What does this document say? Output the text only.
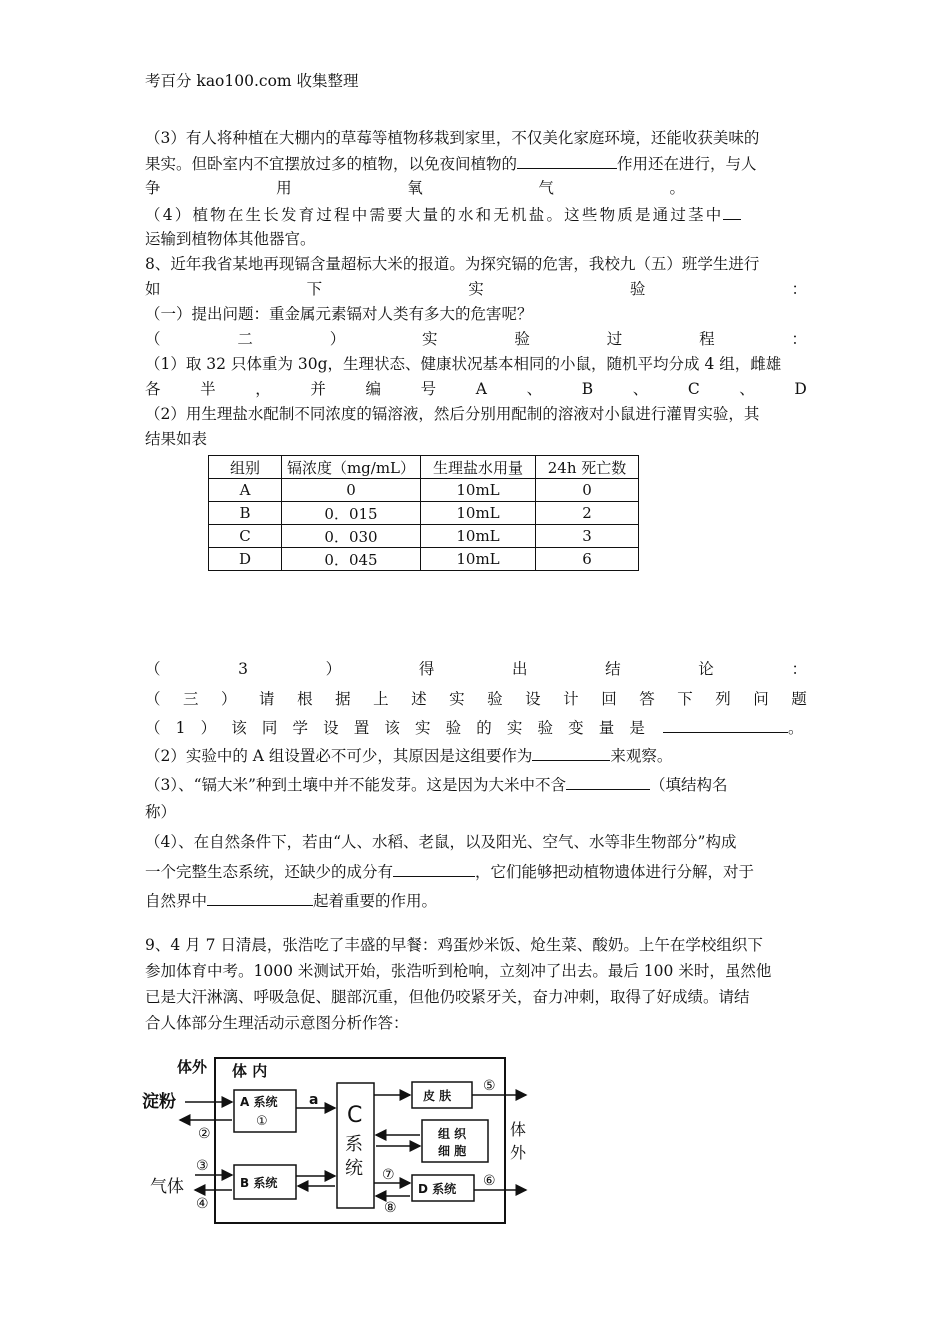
考百分 kao100.com 收集整理
（3）有人将种植在大棚内的草莓等植物移栽到家里，不仅美化家庭环境，还能收获美味的
果实。但卧室内不宜摆放过多的植物，以免夜间植物的	作用还在进行，与人
争	用	氧	气	。
（4）植物在生长发育过程中需要大量的水和无机盐。这些物质是通过茎中
运输到植物体其他器官。
8、近年我省某地再现镉含量超标大米的报道。为探究镉的危害，我校九（五）班学生进行
如	下	实	验	：
（一）提出问题：重金属元素镉对人类有多大的危害呢？
（	二	）	实	验	过	程	：
（1）取 32 只体重为 30g，生理状态、健康状况基本相同的小鼠，随机平均分成 4 组，雌雄
各	半	，	并	编	号	A	、	B	、	C	、	D
（2）用生理盐水配制不同浓度的镉溶液，然后分别用配制的溶液对小鼠进行灌胃实验，其
结果如表
组别	镉浓度（mg/mL）	生理盐水用量	24h 死亡数
A	0	10mL	0
B	0．015	10mL	2
C	0．030	10mL	3
D	0．045	10mL	6
（	3	）	得	出	结	论	：
（ 三 ） 请 根 据 上 述 实 验 设 计 回 答 下 列 问 题
（ 1 ） 该 同 学 设 置 该 实 验 的 实 验 变 量 是	。
（2）实验中的 A 组设置必不可少，其原因是这组要作为	来观察。
（3）、“镉大米”种到土壤中并不能发芽。这是因为大米中不含	（填结构名
称）
（4）、在自然条件下，若由“人、水稻、老鼠，以及阳光、空气、水等非生物部分”构成
一个完整生态系统，还缺少的成分有	，它们能够把动植物遗体进行分解，对于
自然界中	起着重要的作用。
9、4 月 7 日清晨，张浩吃了丰盛的早餐：鸡蛋炒米饭、炝生菜、酸奶。上午在学校组织下
参加体育中考。1000 米测试开始，张浩听到枪响，立刻冲了出去。最后 100 米时，虽然他
已是大汗淋漓、呼吸急促、腿部沉重，但他仍咬紧牙关，奋力冲刺，取得了好成绩。请结
合人体部分生理活动示意图分析作答：
体外 体 内
淀粉
气体
A 系统
①
B 系统
C
系
统
皮 肤
组 织
细 胞
D 系统
体
外
②
a
③
④
⑤
⑦
⑧
⑥
